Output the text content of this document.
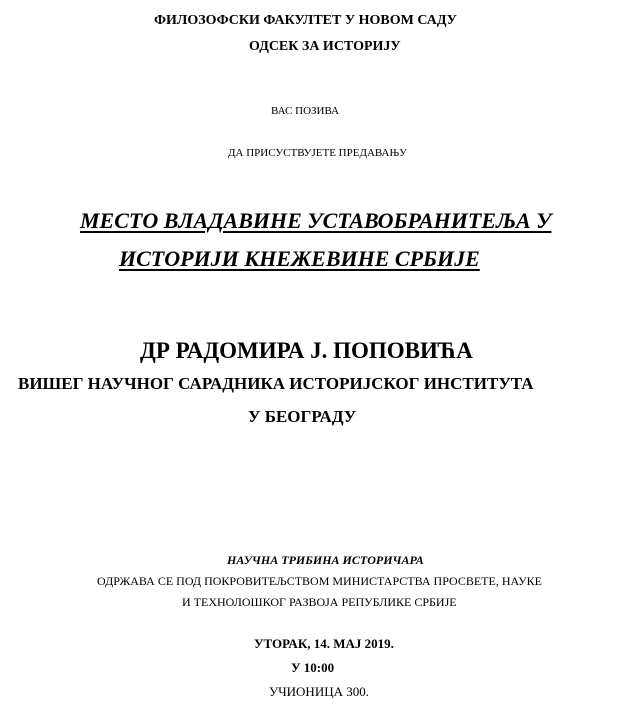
ФИЛОЗОФСКИ ФАКУЛТЕТ У НОВОМ САДУ
ОДСЕК ЗА ИСТОРИЈУ
ВАС ПОЗИВА
ДА ПРИСУСТВУЈЕТЕ ПРЕДАВАЊУ
МЕСТО ВЛАДАВИНЕ УСТАВОБРАНИТЕЉА У
ИСТОРИЈИ КНЕЖЕВИНЕ СРБИЈЕ
ДР РАДОМИРА Ј. ПОПОВИЋА
ВИШЕГ НАУЧНОГ САРАДНИКА ИСТОРИЈСКОГ ИНСТИТУТА
У БЕОГРАДУ
НАУЧНА ТРИБИНА ИСТОРИЧАРА
ОДРЖАВА СЕ ПОД ПОКРОВИТЕЉСТВОМ МИНИСТАРСТВА ПРОСВЕТЕ, НАУКЕ
И ТЕХНОЛОШКОГ РАЗВОЈА РЕПУБЛИКЕ СРБИЈЕ
УТОРАК, 14. МАЈ 2019.
У 10:00
УЧИОНИЦА 300.
